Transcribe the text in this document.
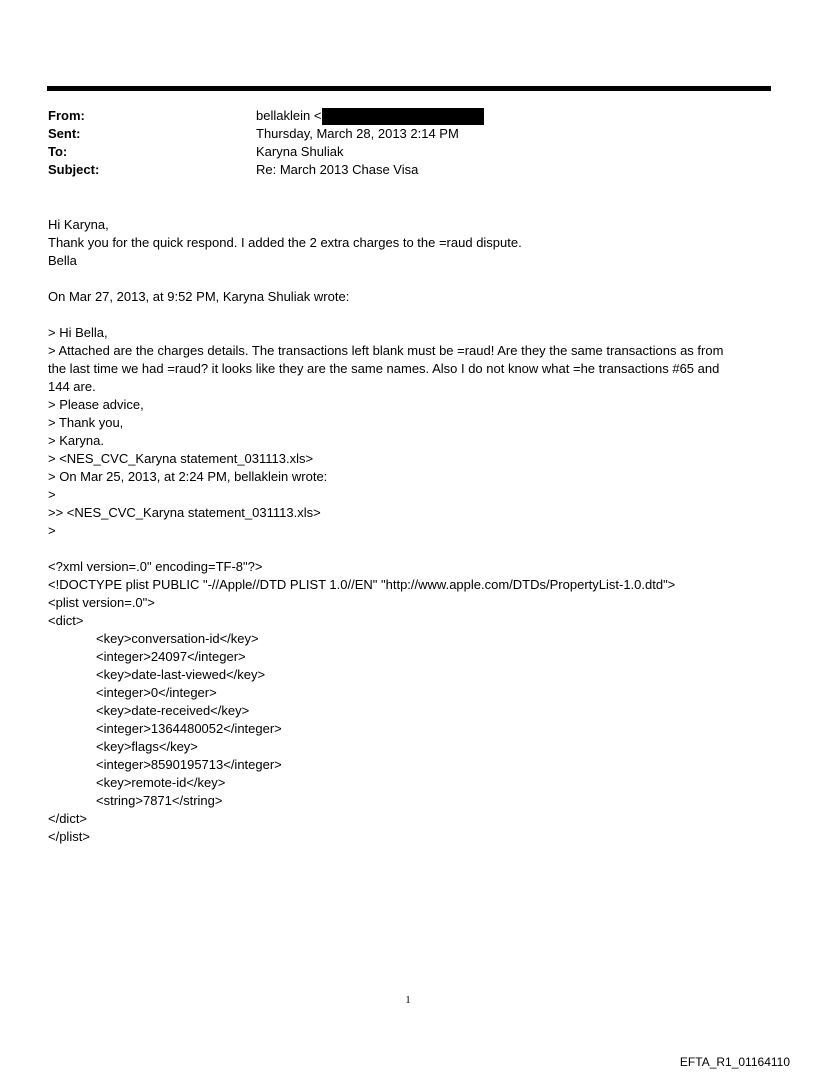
From:	bellaklein <
Sent:	Thursday, March 28, 2013 2:14 PM
To:	Karyna Shuliak
Subject:	Re: March 2013 Chase Visa
Hi Karyna,
Thank you for the quick respond. I added the 2 extra charges to the =raud dispute.
Bella
On Mar 27, 2013, at 9:52 PM, Karyna Shuliak wrote:
> Hi Bella,
> Attached are the charges details. The transactions left blank must be =raud! Are they the same transactions as from
the last time we had =raud? it looks like they are the same names. Also I do not know what =he transactions #65 and
144 are.
> Please advice,
> Thank you,
> Karyna.
> <NES_CVC_Karyna statement_031113.xls>
> On Mar 25, 2013, at 2:24 PM, bellaklein wrote:
>
>> <NES_CVC_Karyna statement_031113.xls>
>
<?xml version=.0" encoding=TF-8"?>
<!DOCTYPE plist PUBLIC "-//Apple//DTD PLIST 1.0//EN" "http://www.apple.com/DTDs/PropertyList-1.0.dtd">
<plist version=.0">
<dict>
<key>conversation-id</key>
<integer>24097</integer>
<key>date-last-viewed</key>
<integer>0</integer>
<key>date-received</key>
<integer>1364480052</integer>
<key>flags</key>
<integer>8590195713</integer>
<key>remote-id</key>
<string>7871</string>
</dict>
</plist>
1
EFTA_R1_01164110
